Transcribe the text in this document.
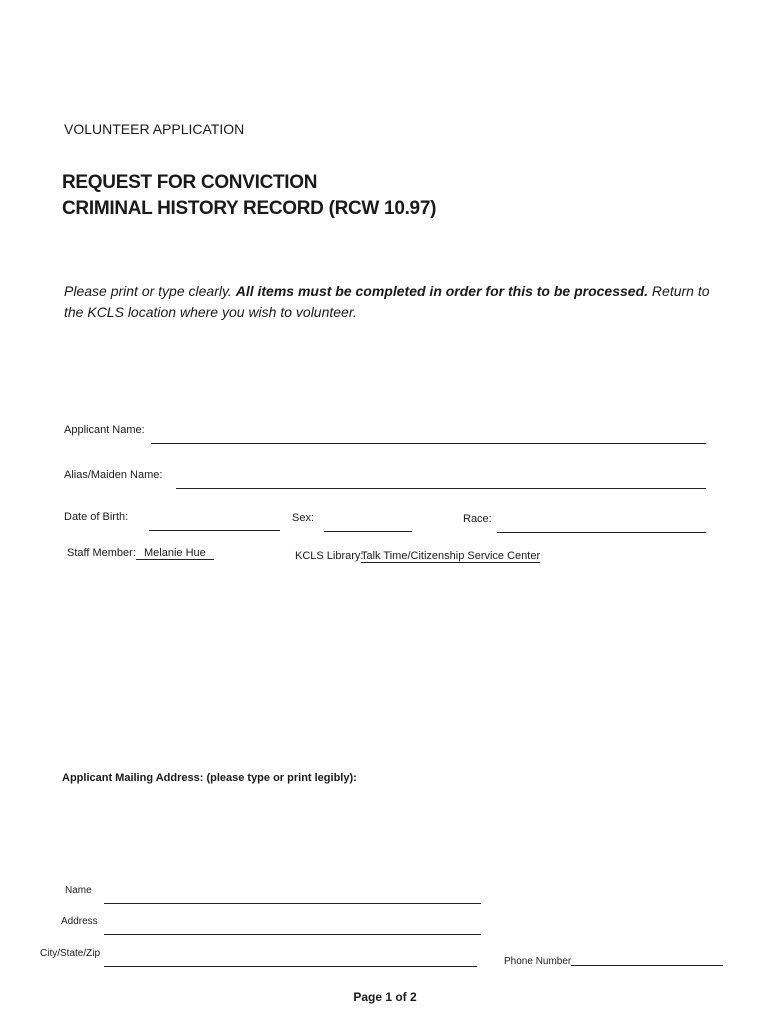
VOLUNTEER APPLICATION
REQUEST FOR CONVICTION
CRIMINAL HISTORY RECORD (RCW 10.97)
Please print or type clearly. All items must be completed in order for this to be processed. Return to the KCLS location where you wish to volunteer.
Applicant Name:
Alias/Maiden Name:
Date of Birth:	Sex:	Race:
Staff Member: Melanie Hue	KCLS Library:
Talk Time/Citizenship Service Center
Applicant Mailing Address: (please type or print legibly):
Name
Address
City/State/Zip
Phone Number
Page 1 of 2
